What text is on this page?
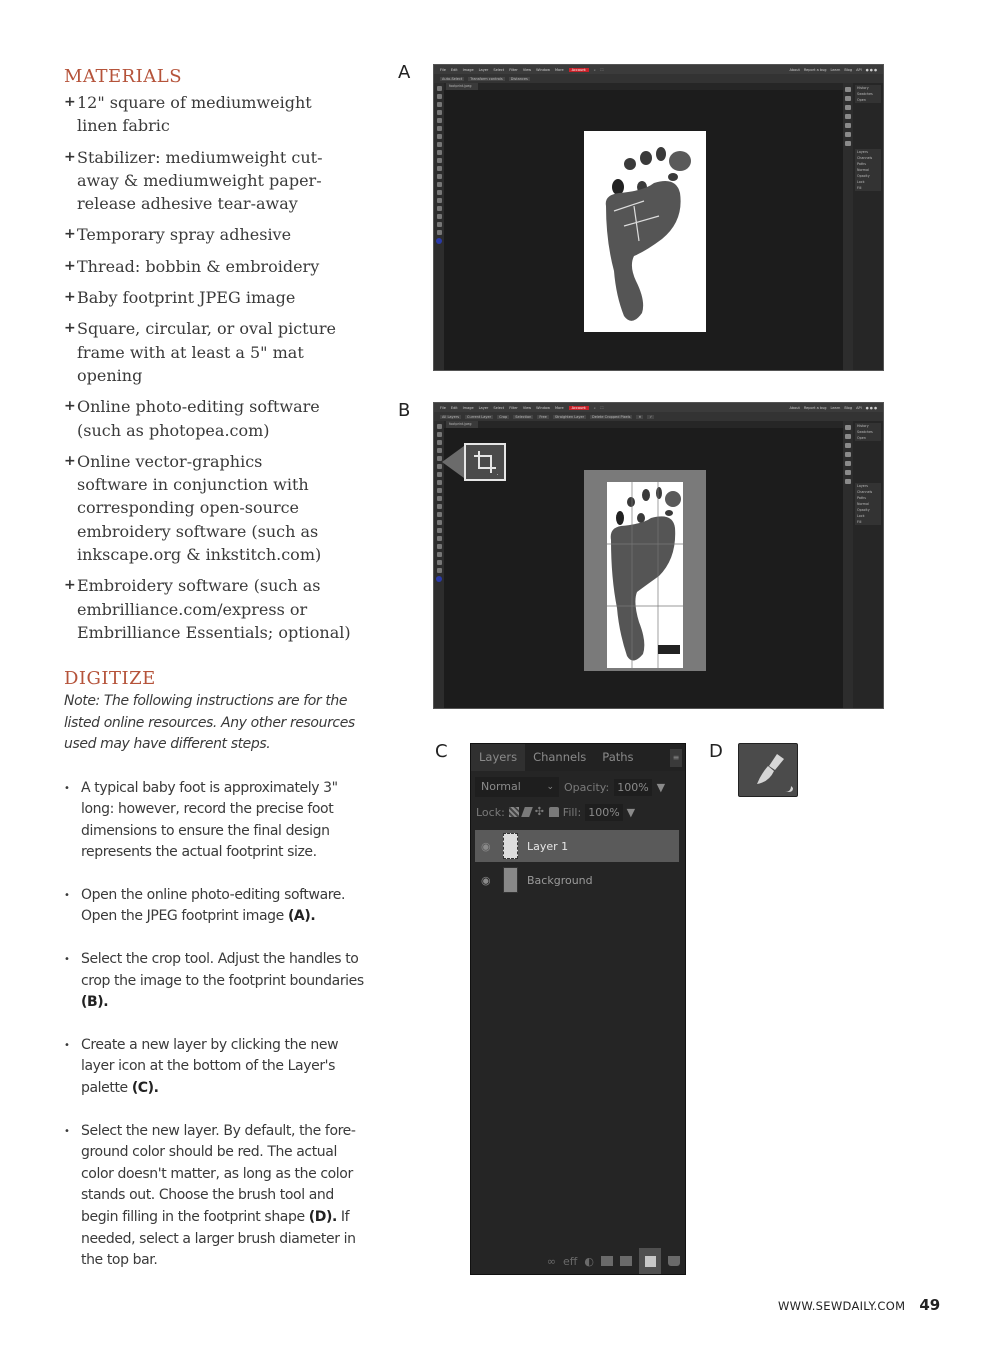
MATERIALS
+ 12" square of mediumweight
linen fabric
+ Stabilizer: mediumweight cut-
away & mediumweight paper-
release adhesive tear-away
+ Temporary spray adhesive
+ Thread: bobbin & embroidery
+ Baby footprint JPEG image
+ Square, circular, or oval picture
frame with at least a 5" mat
opening
+ Online photo-editing software
(such as photopea.com)
+ Online vector-graphics
software in conjunction with
corresponding open-source
embroidery software (such as
inkscape.org & inkstitch.com)
+ Embroidery software (such as
embrilliance.com/express or
Embrilliance Essentials; optional)
DIGITIZE

Note: The following instructions are for the listed online resources. Any other resources used may have different steps.

• A typical baby foot is approximately 3" long: however, record the precise foot dimensions to ensure the final design represents the actual footprint size.
• Open the online photo-editing software. Open the JPEG footprint image (A).
• Select the crop tool. Adjust the handles to crop the image to the footprint boundaries (B).
• Create a new layer by clicking the new layer icon at the bottom of the Layer's palette (C).
• Select the new layer. By default, the fore-ground color should be red. The actual color doesn't matter, as long as the color stands out. Choose the brush tool and begin filling in the footprint shape (D). If needed, select a larger brush diameter in the top bar.
A	File Edit Image Layer Select Filter View Window More	Account	⌕ ⛶	About Report a bug Learn Blog API ● ● ●
Auto-Select	Transform controls	Distances
footprint.jpeg	History
Swatches
Open
Layers
Channels
Paths
Normal
Opacity
Lock
Fill
B	File Edit Image Layer Select Filter View Window More	Account	⌕ ⛶	About Report a bug Learn Blog API ● ● ●
All Layers	Current Layer	Crop	Selection	Free	Straighten Layer	Delete Cropped Pixels	✕	✓
footprint.jpeg	History
Swatches
Open
Layers
Channels
Paths
Normal
Opacity
Lock
Fill
C	Layers	Channels	Paths	≡
Normal	⌄ Opacity: 100% ▼
Lock:	✣ Fill: 100% ▼
◉	Layer 1
◉	Background
∞ eff ◐
D
WWW.SEWDAILY.COM 49
